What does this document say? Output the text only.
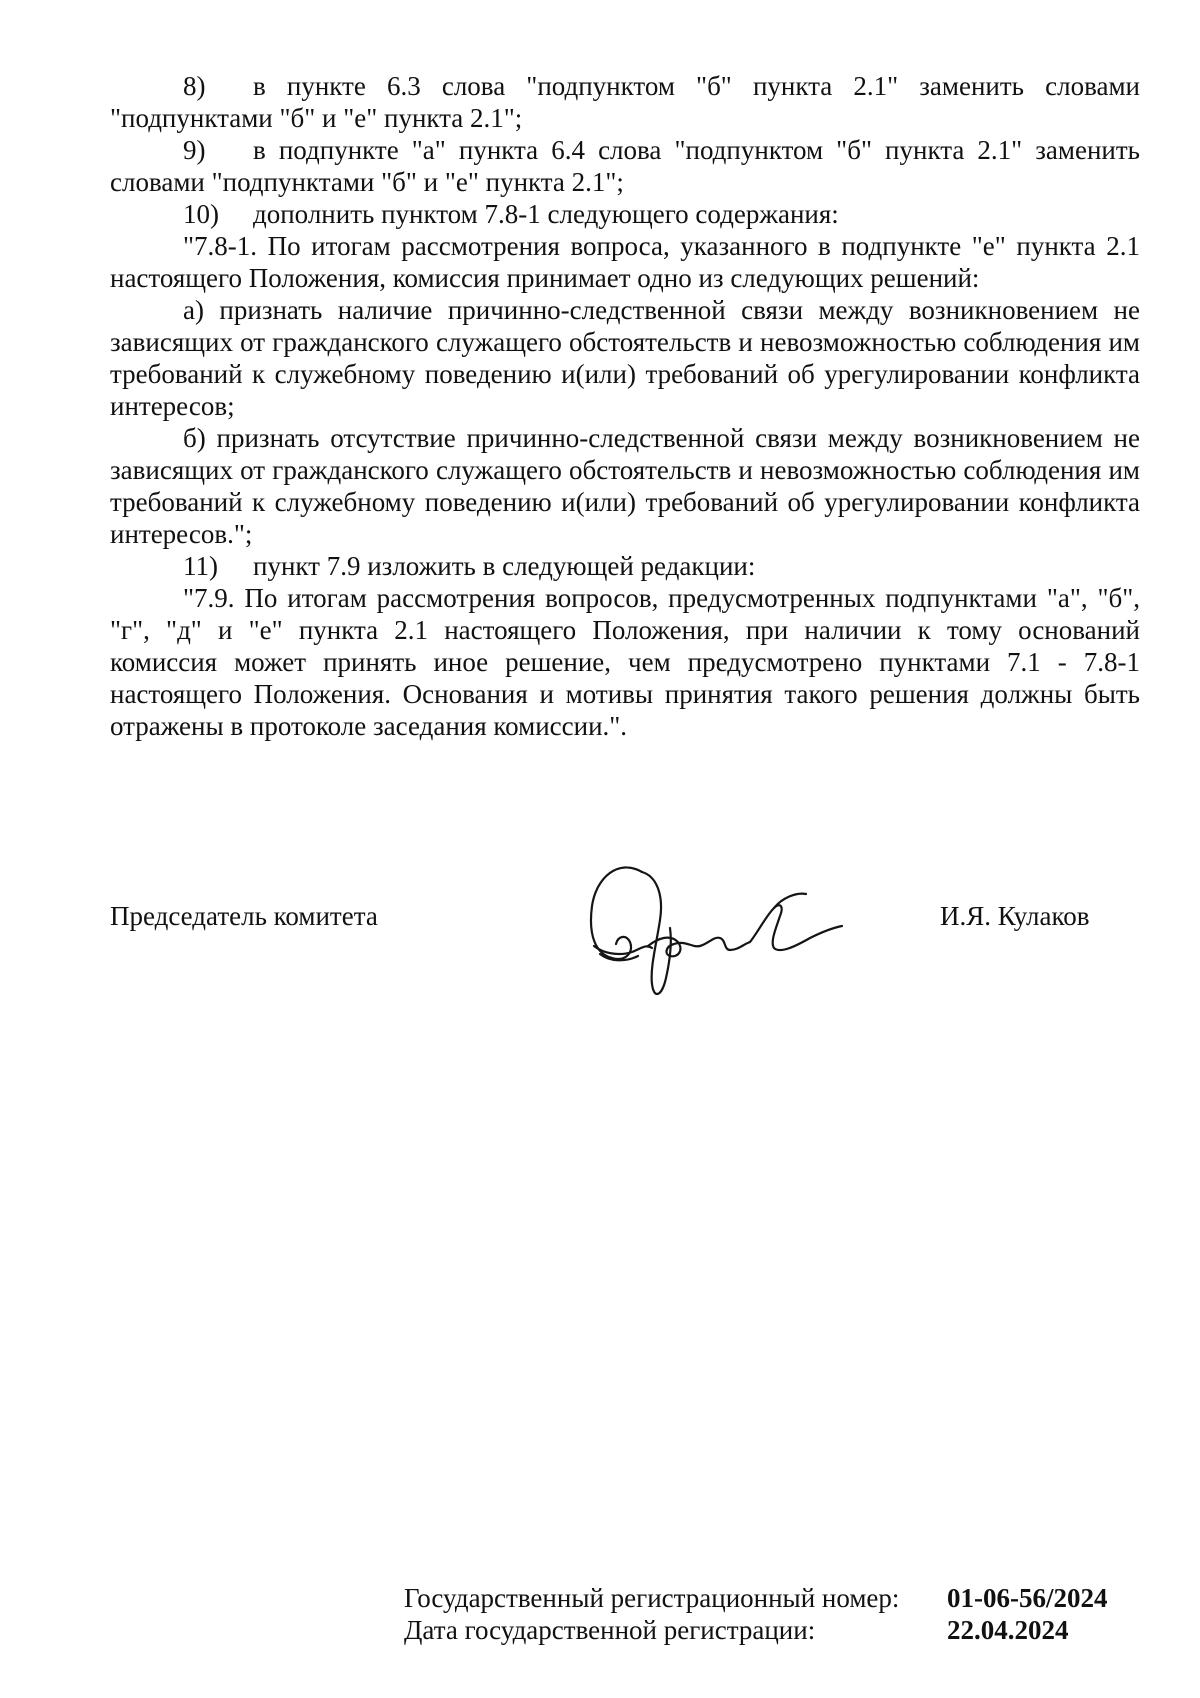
8) в пункте 6.3 слова "подпунктом "б" пункта 2.1" заменить словами "подпунктами "б" и "е" пункта 2.1";

9) в подпункте "а" пункта 6.4 слова "подпунктом "б" пункта 2.1" заменить словами "подпунктами "б" и "е" пункта 2.1";

10) дополнить пунктом 7.8-1 следующего содержания:

"7.8-1. По итогам рассмотрения вопроса, указанного в подпункте "е" пункта 2.1 настоящего Положения, комиссия принимает одно из следующих решений:

а) признать наличие причинно-следственной связи между возникновением не зависящих от гражданского служащего обстоятельств и невозможностью соблюдения им требований к служебному поведению и(или) требований об урегулировании конфликта интересов;

б) признать отсутствие причинно-следственной связи между возникновением не зависящих от гражданского служащего обстоятельств и невозможностью соблюдения им требований к служебному поведению и(или) требований об урегулировании конфликта интересов.";

11) пункт 7.9 изложить в следующей редакции:

"7.9. По итогам рассмотрения вопросов, предусмотренных подпунктами "а", "б", "г", "д" и "е" пункта 2.1 настоящего Положения, при наличии к тому оснований комиссия может принять иное решение, чем предусмотрено пунктами 7.1 - 7.8-1 настоящего Положения. Основания и мотивы принятия такого решения должны быть отражены в протоколе заседания комиссии.".

Председатель комитета	И.Я. Кулаков
Государственный регистрационный номер:	01-06-56/2024
Дата государственной регистрации:	22.04.2024
